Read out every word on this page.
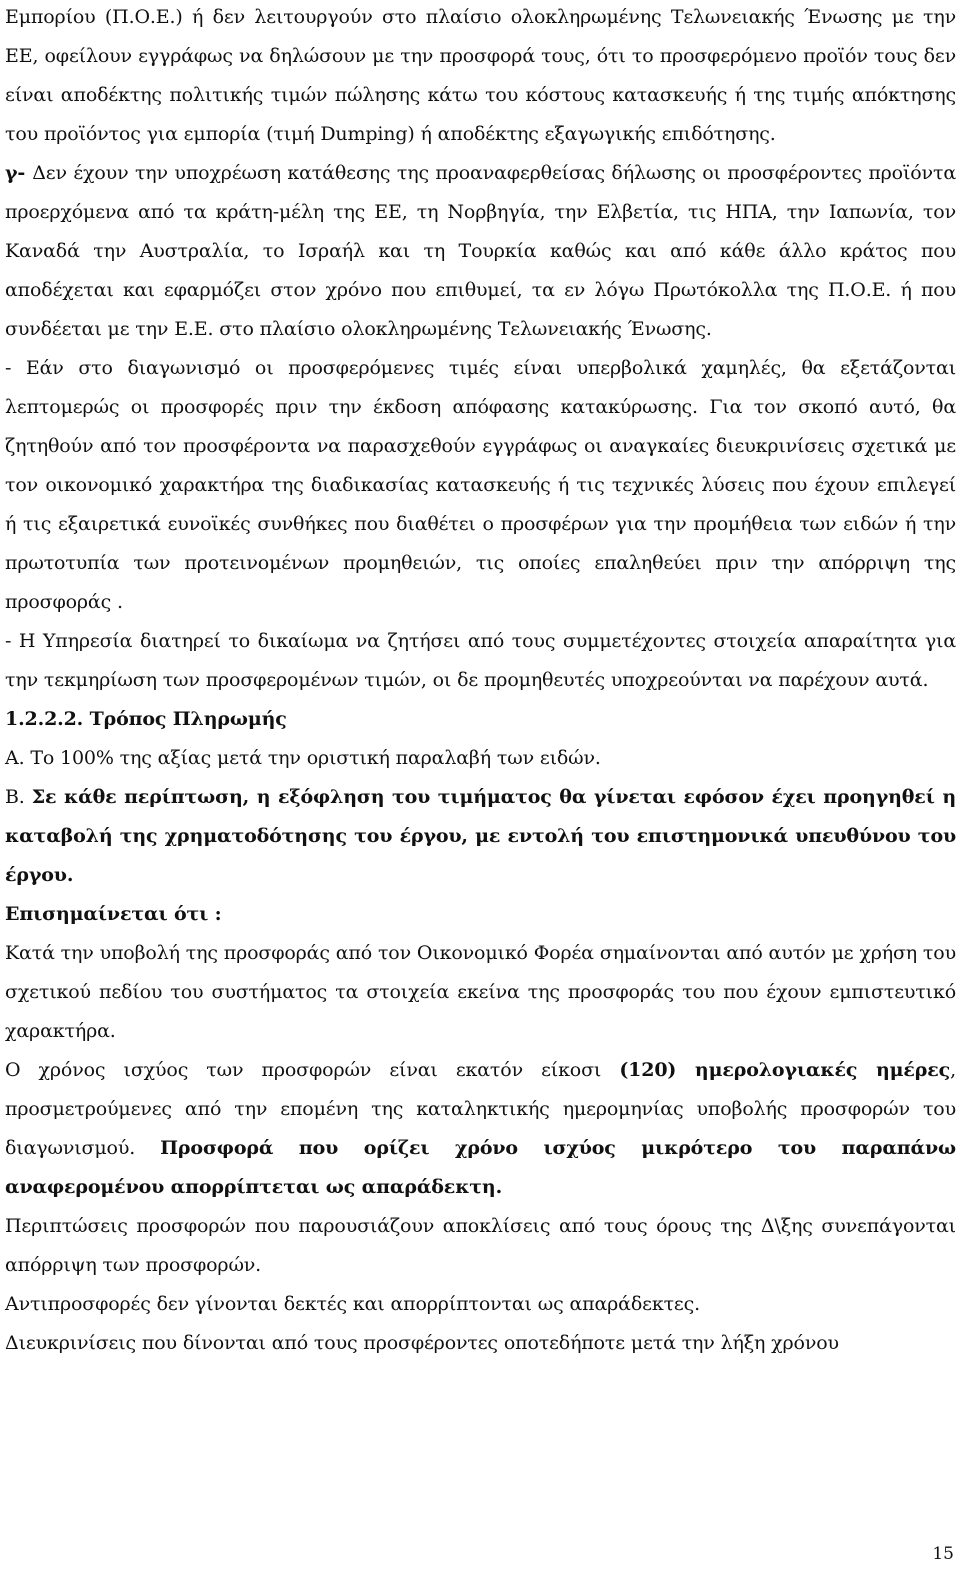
Εμπορίου (Π.Ο.Ε.) ή δεν λειτουργούν στο πλαίσιο ολοκληρωμένης Τελωνειακής Ένωσης με την ΕΕ, οφείλουν εγγράφως να δηλώσουν με την προσφορά τους, ότι το προσφερόμενο προϊόν τους δεν είναι αποδέκτης πολιτικής τιμών πώλησης κάτω του κόστους κατασκευής ή της τιμής απόκτησης του προϊόντος για εμπορία (τιμή Dumping) ή αποδέκτης εξαγωγικής επιδότησης.

γ- Δεν έχουν την υποχρέωση κατάθεσης της προαναφερθείσας δήλωσης οι προσφέροντες προϊόντα προερχόμενα από τα κράτη-μέλη της ΕΕ, τη Νορβηγία, την Ελβετία, τις ΗΠΑ, την Ιαπωνία, τον Καναδά την Αυστραλία, το Ισραήλ και τη Τουρκία καθώς και από κάθε άλλο κράτος που αποδέχεται και εφαρμόζει στον χρόνο που επιθυμεί, τα εν λόγω Πρωτόκολλα της Π.Ο.Ε. ή που συνδέεται με την Ε.Ε. στο πλαίσιο ολοκληρωμένης Τελωνειακής Ένωσης.

- Εάν στο διαγωνισμό οι προσφερόμενες τιμές είναι υπερβολικά χαμηλές, θα εξετάζονται λεπτομερώς οι προσφορές πριν την έκδοση απόφασης κατακύρωσης. Για τον σκοπό αυτό, θα ζητηθούν από τον προσφέροντα να παρασχεθούν εγγράφως οι αναγκαίες διευκρινίσεις σχετικά με τον οικονομικό χαρακτήρα της διαδικασίας κατασκευής ή τις τεχνικές λύσεις που έχουν επιλεγεί ή τις εξαιρετικά ευνοϊκές συνθήκες που διαθέτει ο προσφέρων για την προμήθεια των ειδών ή την πρωτοτυπία των προτεινομένων προμηθειών, τις οποίες επαληθεύει πριν την απόρριψη της προσφοράς .

- Η Υπηρεσία διατηρεί το δικαίωμα να ζητήσει από τους συμμετέχοντες στοιχεία απαραίτητα για την τεκμηρίωση των προσφερομένων τιμών, οι δε προμηθευτές υποχρεούνται να παρέχουν αυτά.

1.2.2.2. Τρόπος Πληρωμής

Α. Το 100% της αξίας μετά την οριστική παραλαβή των ειδών.

Β. Σε κάθε περίπτωση, η εξόφληση του τιμήματος θα γίνεται εφόσον έχει προηγηθεί η καταβολή της χρηματοδότησης του έργου, με εντολή του επιστημονικά υπευθύνου του έργου.

Επισημαίνεται ότι :

Κατά την υποβολή της προσφοράς από τον Οικονομικό Φορέα σημαίνονται από αυτόν με χρήση του σχετικού πεδίου του συστήματος τα στοιχεία εκείνα της προσφοράς του που έχουν εμπιστευτικό χαρακτήρα.

Ο χρόνος ισχύος των προσφορών είναι εκατόν είκοσι (120) ημερολογιακές ημέρες, προσμετρούμενες από την επομένη της καταληκτικής ημερομηνίας υποβολής προσφορών του διαγωνισμού. Προσφορά που ορίζει χρόνο ισχύος μικρότερο του παραπάνω αναφερομένου απορρίπτεται ως απαράδεκτη.

Περιπτώσεις προσφορών που παρουσιάζουν αποκλίσεις από τους όρους της Δ\ξης συνεπάγονται απόρριψη των προσφορών.

Αντιπροσφορές δεν γίνονται δεκτές και απορρίπτονται ως απαράδεκτες.

Διευκρινίσεις που δίνονται από τους προσφέροντες οποτεδήποτε μετά την λήξη χρόνου

15
